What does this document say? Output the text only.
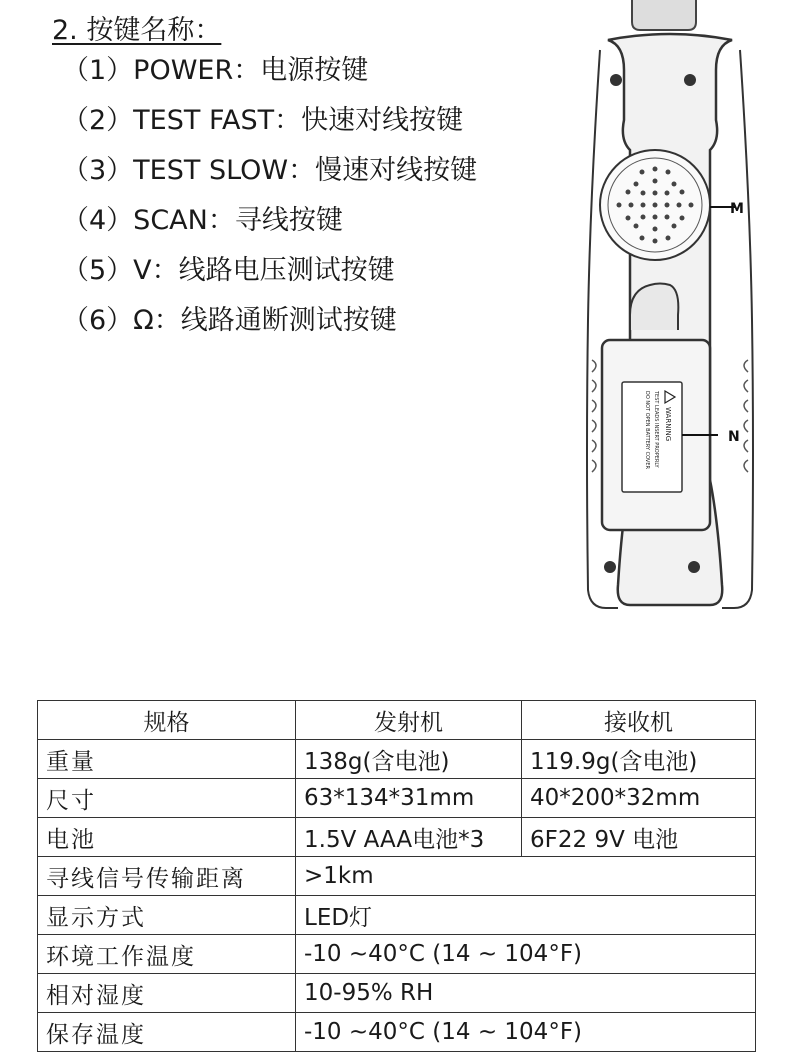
2. 按键名称：
（1）POWER：电源按键
（2）TEST FAST：快速对线按键
（3）TEST SLOW：慢速对线按键
（4）SCAN：寻线按键
（5）V：线路电压测试按键
（6）Ω：线路通断测试按键
M
WARNING
TEST LEADS INSERT PROPERLY
DO NOT OPEN BATTERY COVER	N
规格	发射机	接收机
重量	138g(含电池)	119.9g(含电池)
尺寸	63*134*31mm	40*200*32mm
电池	1.5V AAA电池*3	6F22 9V 电池
寻线信号传输距离	>1km	
显示方式	LED灯	
环境工作温度	-10 ~40°C (14 ~ 104°F)	
相对湿度	10-95% RH	
保存温度	-10 ~40°C (14 ~ 104°F)	
